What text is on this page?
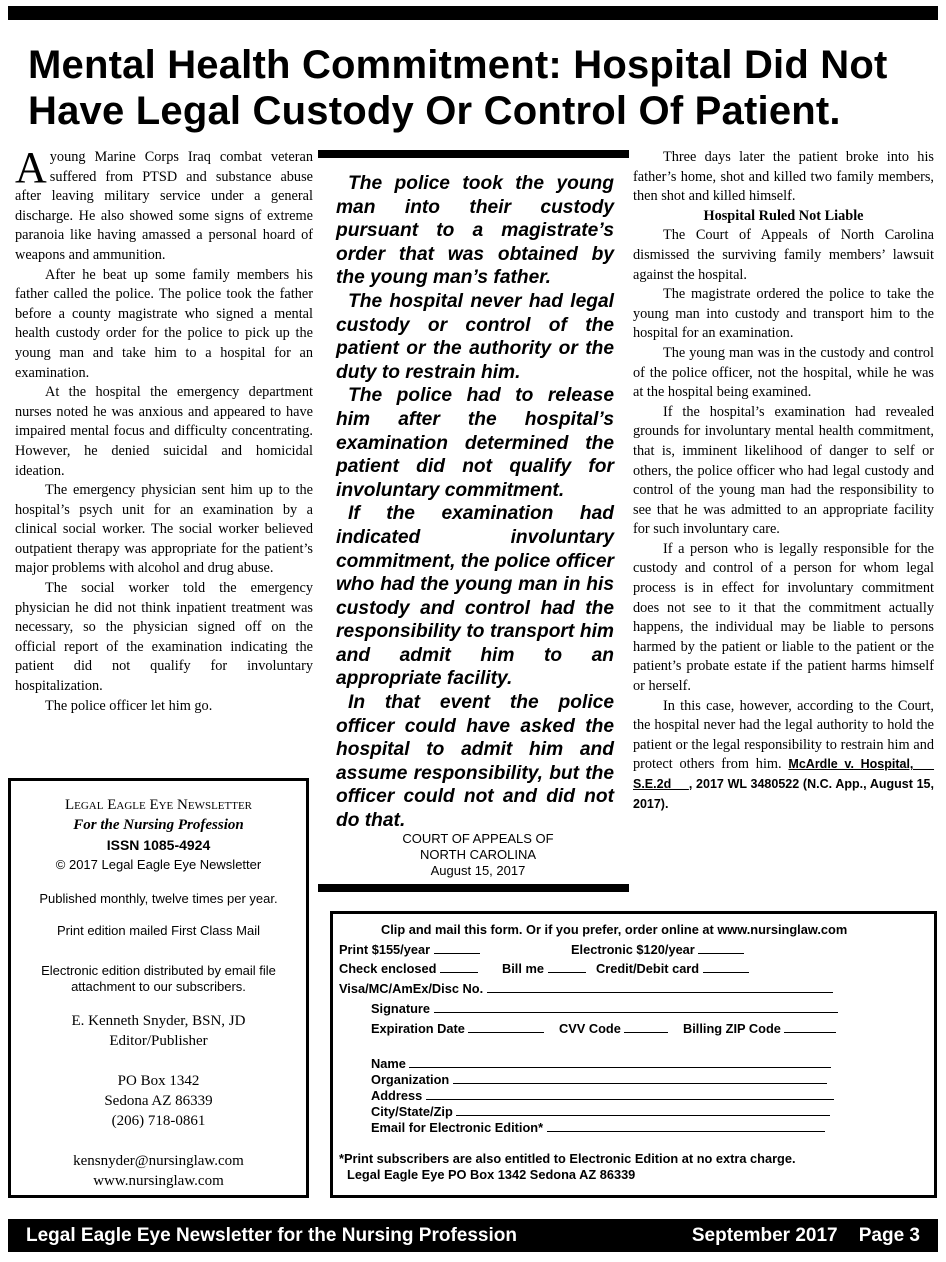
Mental Health Commitment: Hospital Did Not
Have Legal Custody Or Control Of Patient.

Ayoung Marine Corps Iraq combat veteran suffered from PTSD and substance abuse after leaving military service under a general discharge. He also showed some signs of extreme paranoia like having amassed a personal hoard of weapons and ammunition.

After he beat up some family members his father called the police. The police took the father before a county magistrate who signed a mental health custody order for the police to pick up the young man and take him to a hospital for an examination.

At the hospital the emergency department nurses noted he was anxious and appeared to have impaired mental focus and difficulty concentrating. However, he denied suicidal and homicidal ideation.

The emergency physician sent him up to the hospital’s psych unit for an examination by a clinical social worker. The social worker believed outpatient therapy was appropriate for the patient’s major problems with alcohol and drug abuse.

The social worker told the emergency physician he did not think inpatient treatment was necessary, so the physician signed off on the official report of the examination indicating the patient did not qualify for involuntary hospitalization.

The police officer let him go.

The police took the young man into their custody pursuant to a magistrate’s order that was obtained by the young man’s father.

The hospital never had legal custody or control of the patient or the authority or the duty to restrain him.

The police had to release him after the hospital’s examination determined the patient did not qualify for involuntary commitment.

If the examination had indicated involuntary commitment, the police officer who had the young man in his custody and control had the responsibility to transport him and admit him to an appropriate facility.

In that event the police officer could have asked the hospital to admit him and assume responsibility, but the officer could not and did not do that.

COURT OF APPEALS OF
NORTH CAROLINA
August 15, 2017

Three days later the patient broke into his father’s home, shot and killed two family members, then shot and killed himself.

Hospital Ruled Not Liable

The Court of Appeals of North Carolina dismissed the surviving family members’ lawsuit against the hospital.

The magistrate ordered the police to take the young man into custody and transport him to the hospital for an examination.

The young man was in the custody and control of the police officer, not the hospital, while he was at the hospital being examined.

If the hospital’s examination had revealed grounds for involuntary mental health commitment, that is, imminent likelihood of danger to self or others, the police officer who had legal custody and control of the young man had the responsibility to see that he was admitted to an appropriate facility for such involuntary care.

If a person who is legally responsible for the custody and control of a person for whom legal process is in effect for involuntary commitment does not see to it that the commitment actually happens, the individual may be liable to persons harmed by the patient or liable to the patient or the patient’s probate estate if the patient harms himself or herself.

In this case, however, according to the Court, the hospital never had the legal authority to hold the patient or the legal responsibility to restrain him and protect others from him. McArdle v. Hospital, __ S.E.2d __, 2017 WL 3480522 (N.C. App., August 15, 2017).

Legal Eagle Eye Newsletter
For the Nursing Profession
ISSN 1085-4924
© 2017 Legal Eagle Eye Newsletter
Published monthly, twelve times per year.
Print edition mailed First Class Mail
Electronic edition distributed by email file
attachment to our subscribers.
E. Kenneth Snyder, BSN, JD
Editor/Publisher
PO Box 1342
Sedona AZ 86339
(206) 718-0861
kensnyder@nursinglaw.com
www.nursinglaw.com
Clip and mail this form. Or if you prefer, order online at www.nursinglaw.com
Print $155/year	Electronic $120/year
Check enclosed	Bill me	Credit/Debit card
Visa/MC/AmEx/Disc No.
Signature
Expiration Date	CVV Code	Billing ZIP Code
Name
Organization
Address
City/State/Zip
Email for Electronic Edition*
*Print subscribers are also entitled to Electronic Edition at no extra charge.
Legal Eagle Eye PO Box 1342 Sedona AZ 86339
Legal Eagle Eye Newsletter for the Nursing Profession	September 2017    Page 3
